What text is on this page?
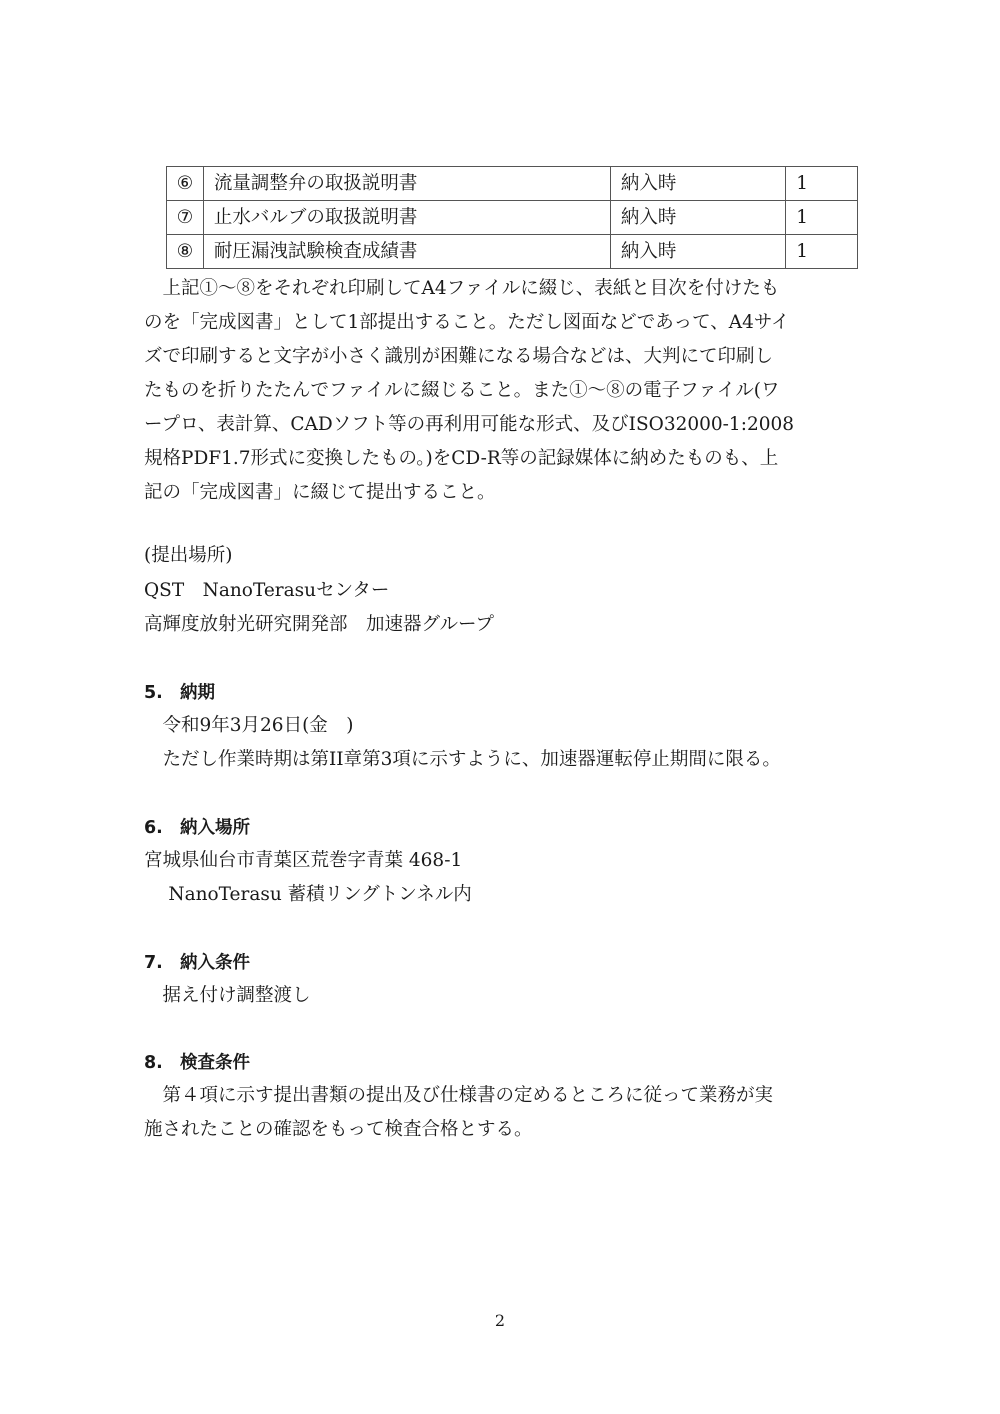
⑥	流量調整弁の取扱説明書	納入時	1
⑦	止水バルブの取扱説明書	納入時	1
⑧	耐圧漏洩試験検査成績書	納入時	1
　上記①～⑧をそれぞれ印刷してA4ファイルに綴じ、表紙と目次を付けたも
のを「完成図書」として1部提出すること。ただし図面などであって、A4サイ
ズで印刷すると文字が小さく識別が困難になる場合などは、大判にて印刷し
たものを折りたたんでファイルに綴じること。また①～⑧の電子ファイル(ワ
ープロ、表計算、CADソフト等の再利用可能な形式、及びISO32000-1:2008
規格PDF1.7形式に変換したもの。)をCD-R等の記録媒体に納めたものも、上
記の「完成図書」に綴じて提出すること。
(提出場所)
QST　NanoTerasuセンター
高輝度放射光研究開発部　加速器グループ
5. 納期
　令和9年3月26日(金　)
　ただし作業時期は第II章第3項に示すように、加速器運転停止期間に限る。
6. 納入場所
宮城県仙台市青葉区荒巻字青葉 468-1
　 NanoTerasu 蓄積リングトンネル内
7. 納入条件
　据え付け調整渡し
8. 検査条件
　第４項に示す提出書類の提出及び仕様書の定めるところに従って業務が実
施されたことの確認をもって検査合格とする。
2
